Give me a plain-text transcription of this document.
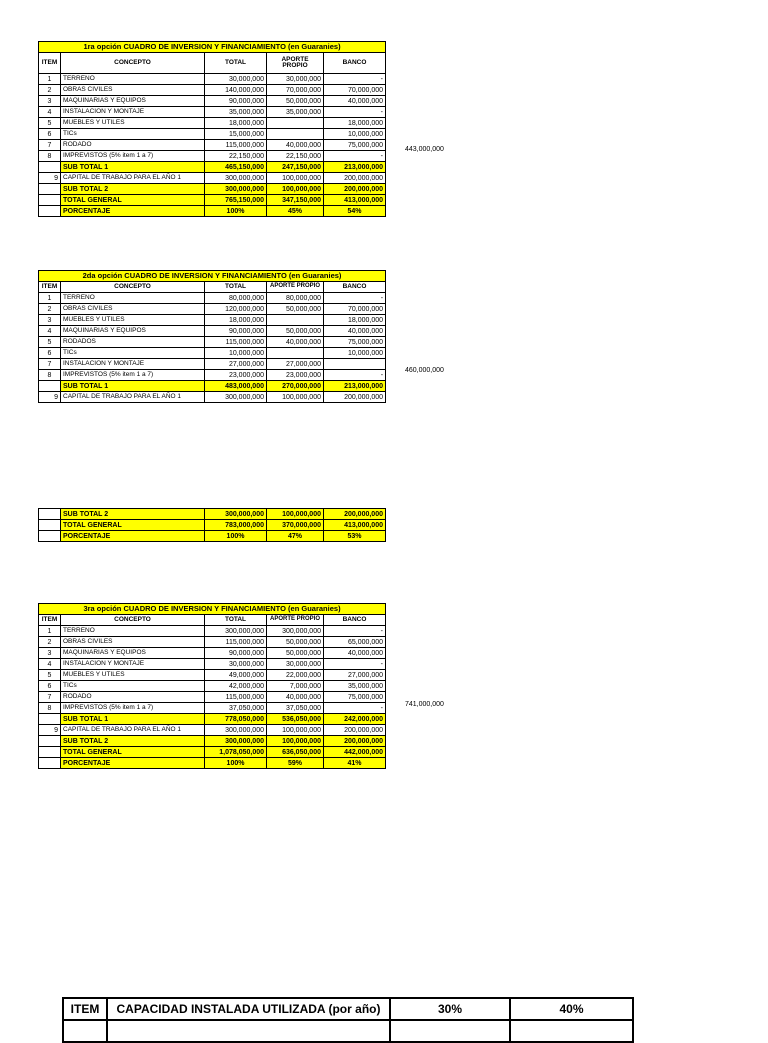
1ra opción CUADRO DE INVERSION Y FINANCIAMIENTO (en Guaranies)				
ITEM	CONCEPTO	TOTAL	APORTE PROPIO	BANCO
1	TERRENO	30,000,000	30,000,000	-
2	OBRAS CIVILES	140,000,000	70,000,000	70,000,000
3	MAQUINARIAS Y EQUIPOS	90,000,000	50,000,000	40,000,000
4	INSTALACION Y MONTAJE	35,000,000	35,000,000	-
5	MUEBLES Y UTILES	18,000,000		18,000,000
6	TICs	15,000,000		10,000,000
7	RODADO	115,000,000	40,000,000	75,000,000
8	IMPREVISTOS (5% item 1 a 7)	22,150,000	22,150,000	-
	SUB TOTAL 1	465,150,000	247,150,000	213,000,000
9	CAPITAL DE TRABAJO PARA EL AÑO 1	300,000,000	100,000,000	200,000,000
	SUB TOTAL 2	300,000,000	100,000,000	200,000,000
	TOTAL GENERAL	765,150,000	347,150,000	413,000,000
	PORCENTAJE	100%	45%	54%
443,000,000
2da opción CUADRO DE INVERSION Y FINANCIAMIENTO (en Guaranies)				
ITEM	CONCEPTO	TOTAL	APORTE PROPIO	BANCO
1	TERRENO	80,000,000	80,000,000	-
2	OBRAS CIVILES	120,000,000	50,000,000	70,000,000
3	MUEBLES Y UTILES	18,000,000		18,000,000
4	MAQUINARIAS Y EQUIPOS	90,000,000	50,000,000	40,000,000
5	RODADOS	115,000,000	40,000,000	75,000,000
6	TICs	10,000,000		10,000,000
7	INSTALACION Y MONTAJE	27,000,000	27,000,000	
8	IMPREVISTOS (5% item 1 a 7)	23,000,000	23,000,000	-
	SUB TOTAL 1	483,000,000	270,000,000	213,000,000
9	CAPITAL DE TRABAJO PARA EL AÑO 1	300,000,000	100,000,000	200,000,000
460,000,000
	SUB TOTAL 2	300,000,000	100,000,000	200,000,000
	TOTAL GENERAL	783,000,000	370,000,000	413,000,000
	PORCENTAJE	100%	47%	53%
3ra opción CUADRO DE INVERSION Y FINANCIAMIENTO (en Guaranies)				
ITEM	CONCEPTO	TOTAL	APORTE PROPIO	BANCO
1	TERRENO	300,000,000	300,000,000	-
2	OBRAS CIVILES	115,000,000	50,000,000	65,000,000
3	MAQUINARIAS Y EQUIPOS	90,000,000	50,000,000	40,000,000
4	INSTALACION Y MONTAJE	30,000,000	30,000,000	-
5	MUEBLES Y UTILES	49,000,000	22,000,000	27,000,000
6	TICs	42,000,000	7,000,000	35,000,000
7	RODADO	115,000,000	40,000,000	75,000,000
8	IMPREVISTOS (5% item 1 a 7)	37,050,000	37,050,000	-
	SUB TOTAL 1	778,050,000	536,050,000	242,000,000
9	CAPITAL DE TRABAJO PARA EL AÑO 1	300,000,000	100,000,000	200,000,000
	SUB TOTAL 2	300,000,000	100,000,000	200,000,000
	TOTAL GENERAL	1,078,050,000	636,050,000	442,000,000
	PORCENTAJE	100%	59%	41%
741,000,000
ITEM	CAPACIDAD INSTALADA UTILIZADA (por año)	30%	40%
